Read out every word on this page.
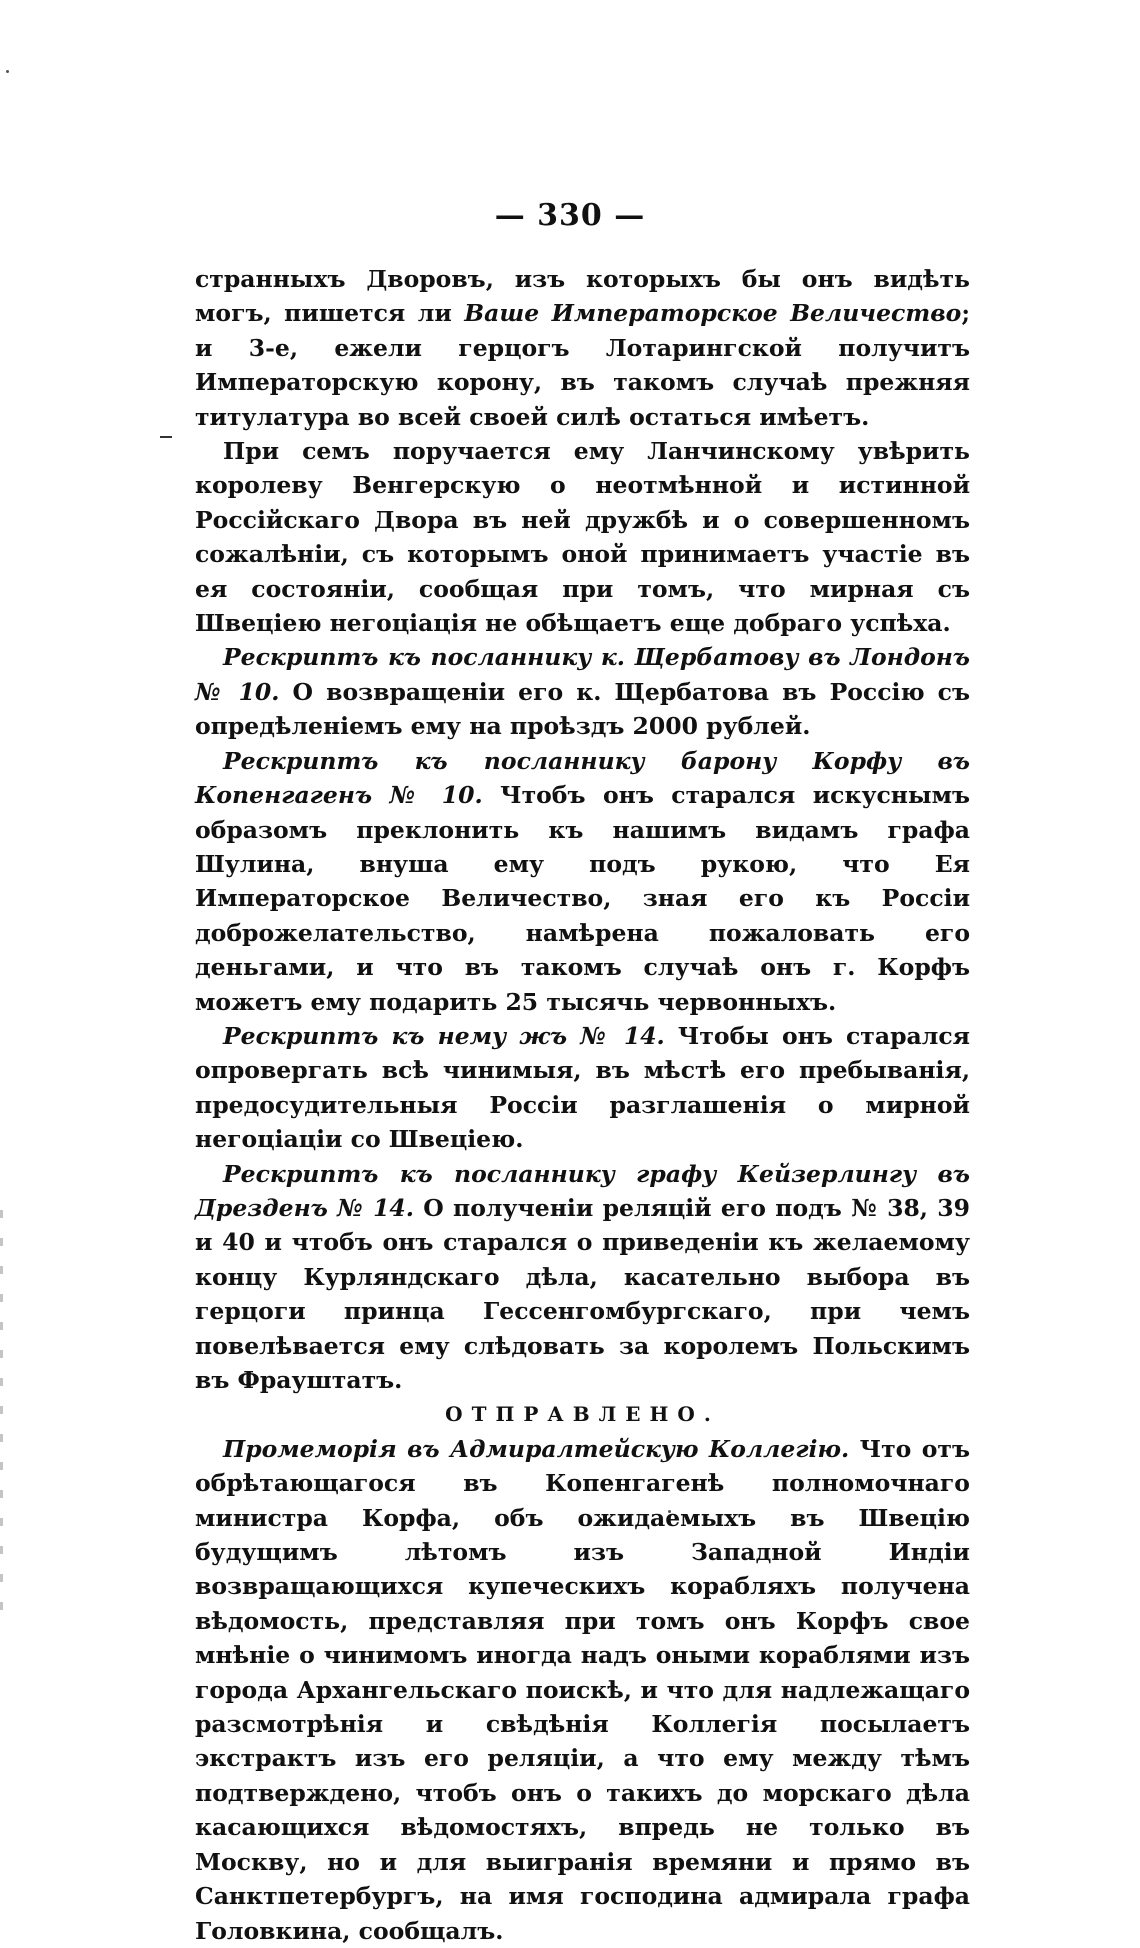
— 330 —

странныхъ Дворовъ, изъ которыхъ бы онъ видѣть могъ, пишется ли Ваше Императорское Величество; и 3-е, ежели герцогъ Лотарингской получитъ Императорскую корону, въ такомъ случаѣ прежняя титулатура во всей своей силѣ остаться имѣетъ.

При семъ поручается ему Ланчинскому увѣрить королеву Венгерскую о неотмѣнной и истинной Россійскаго Двора въ ней дружбѣ и о совершенномъ сожалѣніи, съ которымъ оной принимаетъ участіе въ ея состояніи, сообщая при томъ, что мирная съ Швеціею негоціація не обѣщаетъ еще добраго успѣха.

Рескриптъ къ посланнику к. Щербатову въ Лондонъ № 10. О возвращеніи его к. Щербатова въ Россію съ опредѣленіемъ ему на проѣздъ 2000 рублей.

Рескриптъ къ посланнику барону Корфу въ Копенгагенъ № 10. Чтобъ онъ старался искуснымъ образомъ преклонить къ нашимъ видамъ графа Шулина, внуша ему подъ рукою, что Ея Императорское Величество, зная его къ Россіи доброжелательство, намѣрена пожаловать его деньгами, и что въ такомъ случаѣ онъ г. Корфъ можетъ ему подарить 25 тысячь червонныхъ.

Рескриптъ къ нему жъ № 14. Чтобы онъ старался опровергать всѣ чинимыя, въ мѣстѣ его пребыванія, предосудительныя Россіи разглашенія о мирной негоціаціи со Швеціею.

Рескриптъ къ посланнику графу Кейзерлингу въ Дрезденъ № 14. О полученіи реляцій его подъ № 38, 39 и 40 и чтобъ онъ старался о приведеніи къ желаемому концу Курляндскаго дѣла, касательно выбора въ герцоги принца Гессенгомбургскаго, при чемъ повелѣвается ему слѣдовать за королемъ Польскимъ въ Фрауштатъ.

ОТПРАВЛЕНО.

Промеморія въ Адмиралтейскую Коллегію. Что отъ обрѣтающагося въ Копенгагенѣ полномочнаго министра Корфа, объ ожидаемыхъ въ Швецію будущимъ лѣтомъ изъ Западной Индіи возвращающихся купеческихъ корабляхъ получена вѣдомость, представляя при томъ онъ Корфъ свое мнѣніе о чинимомъ иногда надъ оными кораблями изъ города Архангельскаго поискѣ, и что для надлежащаго разсмотрѣнія и свѣдѣнія Коллегія посылаетъ экстрактъ изъ его реляціи, а что ему между тѣмъ подтверждено, чтобъ онъ о такихъ до морскаго дѣла касающихся вѣдомостяхъ, впредь не только въ Москву, но и для выигранія времяни и прямо въ Санктпетербургъ, на имя господина адмирала графа Головкина, сообщалъ.
